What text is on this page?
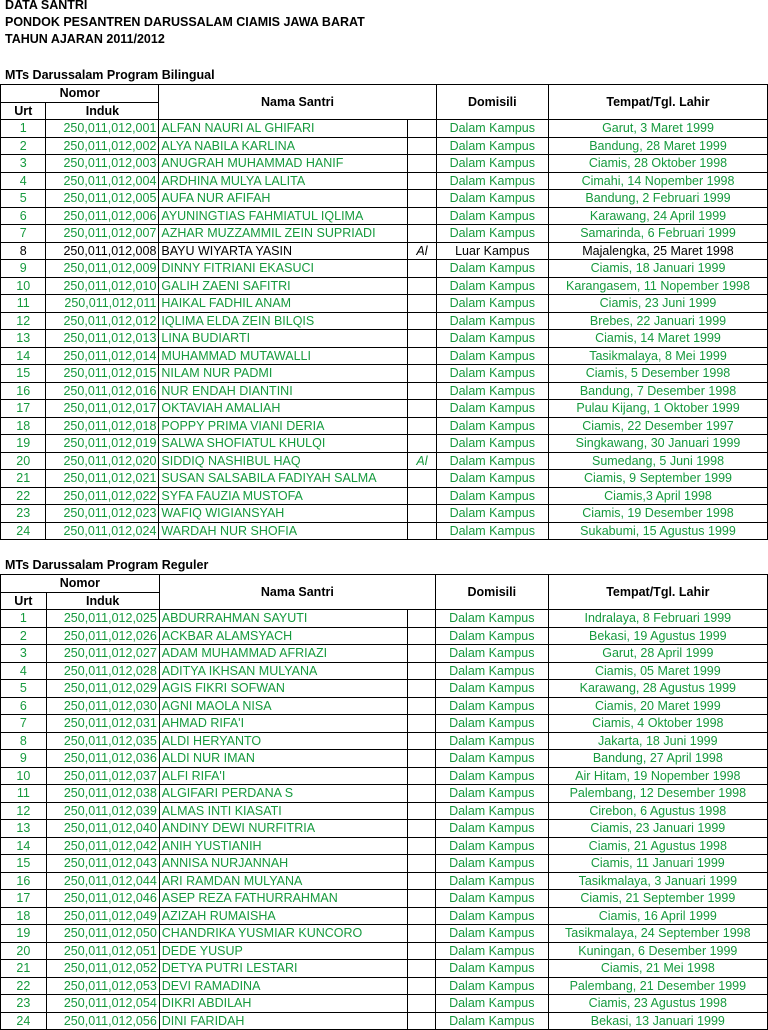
DATA SANTRI
PONDOK PESANTREN DARUSSALAM CIAMIS JAWA BARAT
TAHUN AJARAN 2011/2012
MTs Darussalam Program Bilingual
Nomor		Nama Santri		Domisili	Tempat/Tgl. Lahir
Urt	Induk				
1	250,011,012,001	ALFAN NAURI AL GHIFARI		Dalam Kampus	Garut, 3 Maret 1999
2	250,011,012,002	ALYA NABILA KARLINA		Dalam Kampus	Bandung, 28 Maret 1999
3	250,011,012,003	ANUGRAH MUHAMMAD HANIF		Dalam Kampus	Ciamis, 28 Oktober 1998
4	250,011,012,004	ARDHINA MULYA LALITA		Dalam Kampus	Cimahi, 14 Nopember 1998
5	250,011,012,005	AUFA NUR AFIFAH		Dalam Kampus	Bandung, 2 Februari 1999
6	250,011,012,006	AYUNINGTIAS FAHMIATUL IQLIMA		Dalam Kampus	Karawang, 24 April 1999
7	250,011,012,007	AZHAR MUZZAMMIL ZEIN SUPRIADI		Dalam Kampus	Samarinda, 6 Februari 1999
8	250,011,012,008	BAYU WIYARTA YASIN	Al	Luar Kampus	Majalengka, 25 Maret 1998
9	250,011,012,009	DINNY FITRIANI EKASUCI		Dalam Kampus	Ciamis, 18 Januari 1999
10	250,011,012,010	GALIH ZAENI SAFITRI		Dalam Kampus	Karangasem, 11 Nopember 1998
11	250,011,012,011	HAIKAL FADHIL ANAM		Dalam Kampus	Ciamis, 23 Juni 1999
12	250,011,012,012	IQLIMA ELDA ZEIN BILQIS		Dalam Kampus	Brebes, 22 Januari 1999
13	250,011,012,013	LINA BUDIARTI		Dalam Kampus	Ciamis, 14 Maret 1999
14	250,011,012,014	MUHAMMAD MUTAWALLI		Dalam Kampus	Tasikmalaya, 8 Mei 1999
15	250,011,012,015	NILAM NUR PADMI		Dalam Kampus	Ciamis, 5 Desember 1998
16	250,011,012,016	NUR ENDAH DIANTINI		Dalam Kampus	Bandung, 7 Desember 1998
17	250,011,012,017	OKTAVIAH AMALIAH		Dalam Kampus	Pulau Kijang, 1 Oktober 1999
18	250,011,012,018	POPPY PRIMA VIANI DERIA		Dalam Kampus	Ciamis, 22 Desember 1997
19	250,011,012,019	SALWA SHOFIATUL KHULQI		Dalam Kampus	Singkawang, 30 Januari 1999
20	250,011,012,020	SIDDIQ NASHIBUL HAQ	Al	Dalam Kampus	Sumedang, 5 Juni 1998
21	250,011,012,021	SUSAN SALSABILA FADIYAH SALMA		Dalam Kampus	Ciamis, 9 September 1999
22	250,011,012,022	SYFA FAUZIA MUSTOFA		Dalam Kampus	Ciamis,3 April 1998
23	250,011,012,023	WAFIQ WIGIANSYAH		Dalam Kampus	Ciamis, 19 Desember 1998
24	250,011,012,024	WARDAH NUR SHOFIA		Dalam Kampus	Sukabumi, 15 Agustus 1999
MTs Darussalam Program Reguler
Nomor		Nama Santri		Domisili	Tempat/Tgl. Lahir
Urt	Induk				
1	250,011,012,025	ABDURRAHMAN SAYUTI		Dalam Kampus	Indralaya, 8 Februari 1999
2	250,011,012,026	ACKBAR ALAMSYACH		Dalam Kampus	Bekasi, 19 Agustus 1999
3	250,011,012,027	ADAM MUHAMMAD AFRIAZI		Dalam Kampus	Garut, 28 April 1999
4	250,011,012,028	ADITYA IKHSAN MULYANA		Dalam Kampus	Ciamis, 05 Maret 1999
5	250,011,012,029	AGIS FIKRI SOFWAN		Dalam Kampus	Karawang, 28 Agustus 1999
6	250,011,012,030	AGNI MAOLA NISA		Dalam Kampus	Ciamis, 20 Maret 1999
7	250,011,012,031	AHMAD RIFA'I		Dalam Kampus	Ciamis, 4 Oktober 1998
8	250,011,012,035	ALDI HERYANTO		Dalam Kampus	Jakarta, 18 Juni 1999
9	250,011,012,036	ALDI NUR IMAN		Dalam Kampus	Bandung, 27 April 1998
10	250,011,012,037	ALFI RIFA'I		Dalam Kampus	Air Hitam, 19 Nopember 1998
11	250,011,012,038	ALGIFARI PERDANA S		Dalam Kampus	Palembang, 12 Desember 1998
12	250,011,012,039	ALMAS INTI KIASATI		Dalam Kampus	Cirebon, 6 Agustus 1998
13	250,011,012,040	ANDINY DEWI NURFITRIA		Dalam Kampus	Ciamis, 23 Januari 1999
14	250,011,012,042	ANIH YUSTIANIH		Dalam Kampus	Ciamis, 21 Agustus 1998
15	250,011,012,043	ANNISA NURJANNAH		Dalam Kampus	Ciamis, 11 Januari 1999
16	250,011,012,044	ARI RAMDAN MULYANA		Dalam Kampus	Tasikmalaya, 3 Januari 1999
17	250,011,012,046	ASEP REZA FATHURRAHMAN		Dalam Kampus	Ciamis, 21 September 1999
18	250,011,012,049	AZIZAH RUMAISHA		Dalam Kampus	Ciamis, 16 April 1999
19	250,011,012,050	CHANDRIKA YUSMIAR KUNCORO		Dalam Kampus	Tasikmalaya, 24 September 1998
20	250,011,012,051	DEDE YUSUP		Dalam Kampus	Kuningan, 6 Desember 1999
21	250,011,012,052	DETYA PUTRI LESTARI		Dalam Kampus	Ciamis, 21 Mei 1998
22	250,011,012,053	DEVI RAMADINA		Dalam Kampus	Palembang, 21 Desember 1999
23	250,011,012,054	DIKRI ABDILAH		Dalam Kampus	Ciamis, 23 Agustus 1998
24	250,011,012,056	DINI FARIDAH		Dalam Kampus	Bekasi, 13 Januari 1999
